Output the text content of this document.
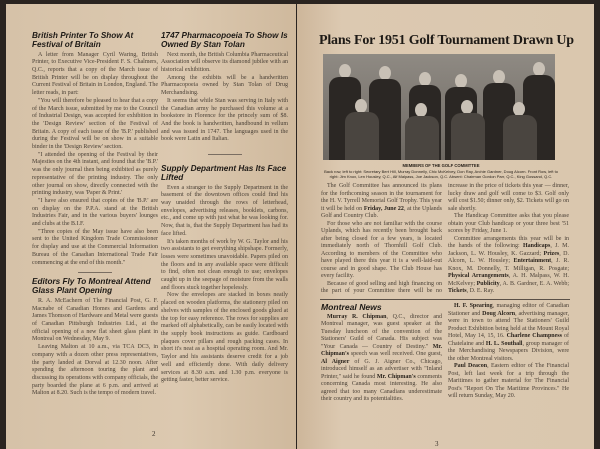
British Printer To Show At Festival of Britain

A letter from Manager Cyril Waring, British Printer, to Executive Vice-President F. S. Chalmers, Q.C., reports that a copy of the March issue of British Printer will be on display throughout the Current Festival of Britain in London, England. The letter reads, in part:

"You will therefore be pleased to hear that a copy of the March issue, submitted by me to the Council of Industrial Design, was accepted for exhibition in the 'Design Review' section of the Festival of Britain. A copy of each issue of the 'B.P.' published during the Festival will be on show in a suitable binder in the 'Design Review' section.

"I attended the opening of the Festival by their Majesties on the 4th instant, and found that the 'B.P.' was the only journal then being exhibited as purely representative of the printing industry. The only other journal on show, directly connected with the printing industry, was 'Paper & Print.'

"I have also ensured that copies of the 'B.P.' are on display on the P.P.A. stand at the British Industries Fair, and in the various buyers' lounges and clubs at the B.I.F.

"Three copies of the May issue have also been sent to the United Kingdom Trade Commissioner for display and use at the Commercial Information Bureau of the Canadian International Trade Fair commencing at the end of this month."

Editors Fly To Montreal Attend Glass Plant Opening

R. A. McEachern of The Financial Post, G. F. Macnabe of Canadian Homes and Gardens and James Thomson of Hardware and Metal were guests of Canadian Pittsburgh Industries Ltd., at the official opening of a new flat sheet glass plant in Montreal on Wednesday, May 9.

Leaving Malton at 10 a.m., via TCA DC3, in company with a dozen other press representatives, the party landed at Dorval at 12.30 noon. After spending the afternoon touring the plant and discussing its operations with company officials, the party boarded the plane at 6 p.m. and arrived at Malton at 8.20. Such is the tempo of modern travel.

1747 Pharmacopoeia To Show Is Owned By Stan Tolan

Next month, the British Columbia Pharmaceutical Association will observe its diamond jubilee with an historical exhibition.

Among the exhibits will be a handwritten Pharmacopoeia owned by Stan Tolan of Drug Merchandising.

It seems that while Stan was serving in Italy with the Canadian army he purchased this volume at a bookstore in Florence for the princely sum of $8. And the book is handwritten, handbound in vellum and was issued in 1747. The languages used in the book were Latin and Italian.

Supply Department Has Its Face Lifted

Even a stranger to the Supply Department in the basement of the downtown offices could find his way unaided through the rows of letterhead, envelopes, advertising releases, booklets, carbons, etc., and come up with just what he was looking for. Now, that is, that the Supply Department has had its face lifted.

It's taken months of work by W. G. Taylor and his two assistants to get everything shipshape. Formerly, losses were sometimes unavoidable. Papers piled on the floors and in any available space were difficult to find, often not clean enough to use; envelopes caught up in the seepage of moisture from the walls and floors stuck together hopelessly.

Now the envelopes are stacked in boxes neatly placed on wooden platforms, the stationery piled on shelves with samples of the enclosed goods glued at the top for easy reference. The rows for supplies are marked off alphabetically, can be easily located with the supply book instructions as guide. Cardboard plaques cover pillars and rough packing cases. In short it's neat as a hospital operating room. And Mr. Taylor and his assistants deserve credit for a job well and efficiently done. With daily delivery services at 8.30 a.m. and 1.30 p.m. everyone is getting faster, better service.

2
Plans For 1951 Golf Tournament Drawn Up
MEMBERS OF THE GOLF COMMITTEE
Back row, left to right: Secretary Bert Hill, Murray Donnelly, Chic McKelvey, Don Ray, Archie Gardner, Doug Alcorn. Front Row, left to right: Jim Knox, Len Housley, Q.C., Alf Malpass, Joe Jackson, Q.C. Absent: Chairman Gordon Parr, Q.C., King Gossand, Q.C.

The Golf Committee has announced its plans for the forthcoming season in the tournament for the H. V. Tyrrell Memorial Golf Trophy. This year it will be held on Friday, June 22, at the Uplands Golf and Country Club.

For those who are not familiar with the course Uplands, which has recently been brought back after being closed for a few years, is located immediately north of Thornhill Golf Club. According to members of the Committee who have played there this year it is a well-laid-out course and in good shape. The Club House has every facility.

Because of good selling and high financing on the part of your Committee there will be no increase in the price of tickets this year — dinner, lucky draw and golf will come to $3. Golf only will cost $1.50; dinner only, $2. Tickets will go on sale shortly.

The Handicap Committee asks that you please obtain your Club handicap or your three best '51 scores by Friday, June 1.

Committee arrangements this year will be in the hands of the following: Handicaps, J. M. Jackson, L. W. Housley, K. Gazzard; Prizes, D. Alcorn, L. W. Housley; Entertainment, J. R. Knox, M. Donnelly, T. Milligan, R. Posgate; Physical Arrangements, A. H. Malpass, W. H. McKelvey; Publicity, A. B. Gardner, E. A. Webb; Tickets, D. E. Ray.

Montreal News

Murray R. Chipman, Q.C., director and Montreal manager, was guest speaker at the Tuesday luncheon of the convention of the Stationers' Guild of Canada. His subject was "Your Canada — Country of Destiny." Mr. Chipman's speech was well received. One guest, Al Aigner of G. J. Aigner Co., Chicago, introduced himself as an advertiser with "Inland Printer," said he found Mr. Chipman's comments concerning Canada most interesting. He also agreed that too many Canadians underestimate their country and its potentialities.

H. F. Spearing, managing editor of Canadian Stationer and Doug Alcorn, advertising manager, were in town to attend The Stationers' Guild Product Exhibition being held at the Mount Royal Hotel, May 14, 15, 16. Charlene Champness of Chatelaine and H. L. Southall, group manager of the Merchandising Newspapers Division, were the other Montreal visitors.

Paul Deacon, Eastern editor of The Financial Post, left last week for a trip through the Maritimes to gather material for The Financial Post's "Report On The Maritime Provinces." He will return Sunday, May 20.

3
